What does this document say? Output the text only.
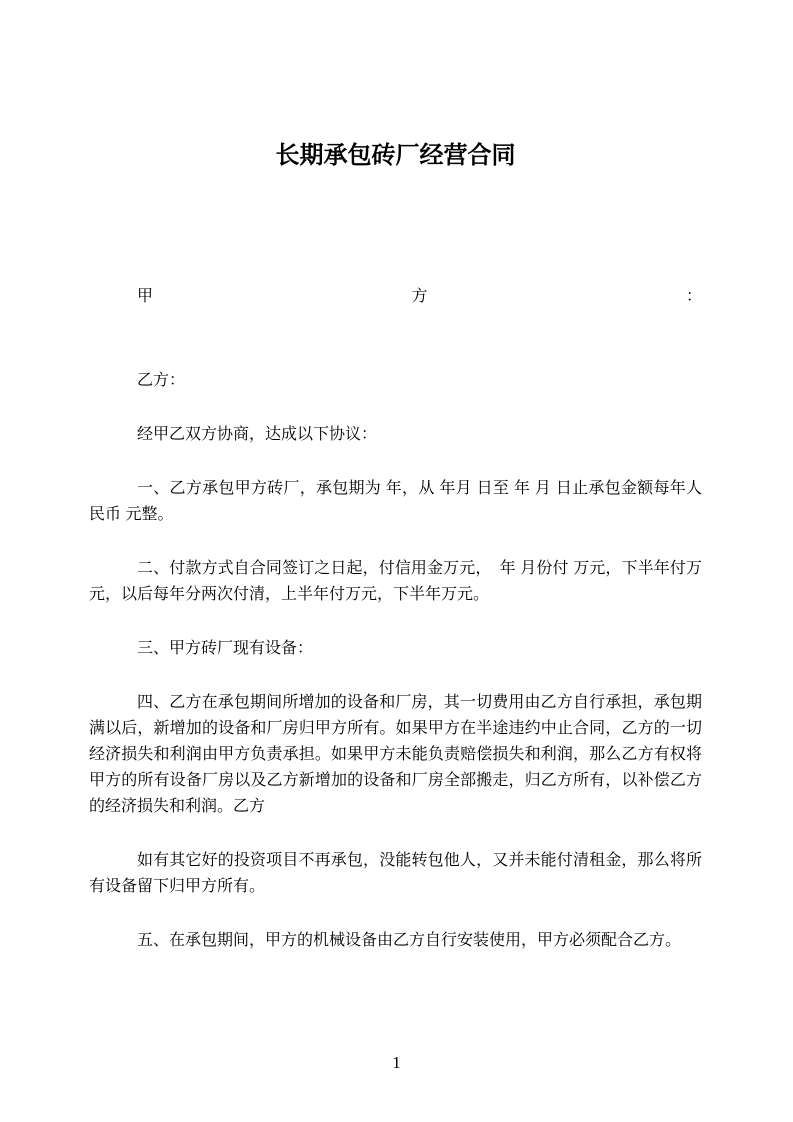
长期承包砖厂经营合同
甲	方	：

乙方：

经甲乙双方协商，达成以下协议：

一、乙方承包甲方砖厂，承包期为 年，从 年月 日至 年 月 日止承包金额每年人民币 元整。

二、付款方式自合同签订之日起，付信用金万元，　年 月份付 万元，下半年付万元，以后每年分两次付清，上半年付万元，下半年万元。

三、甲方砖厂现有设备：

四、乙方在承包期间所增加的设备和厂房，其一切费用由乙方自行承担，承包期满以后，新增加的设备和厂房归甲方所有。如果甲方在半途违约中止合同，乙方的一切经济损失和利润由甲方负责承担。如果甲方未能负责赔偿损失和利润，那么乙方有权将甲方的所有设备厂房以及乙方新增加的设备和厂房全部搬走，归乙方所有，以补偿乙方的经济损失和利润。乙方

如有其它好的投资项目不再承包，没能转包他人，又并未能付清租金，那么将所有设备留下归甲方所有。

五、在承包期间，甲方的机械设备由乙方自行安装使用，甲方必须配合乙方。

1
